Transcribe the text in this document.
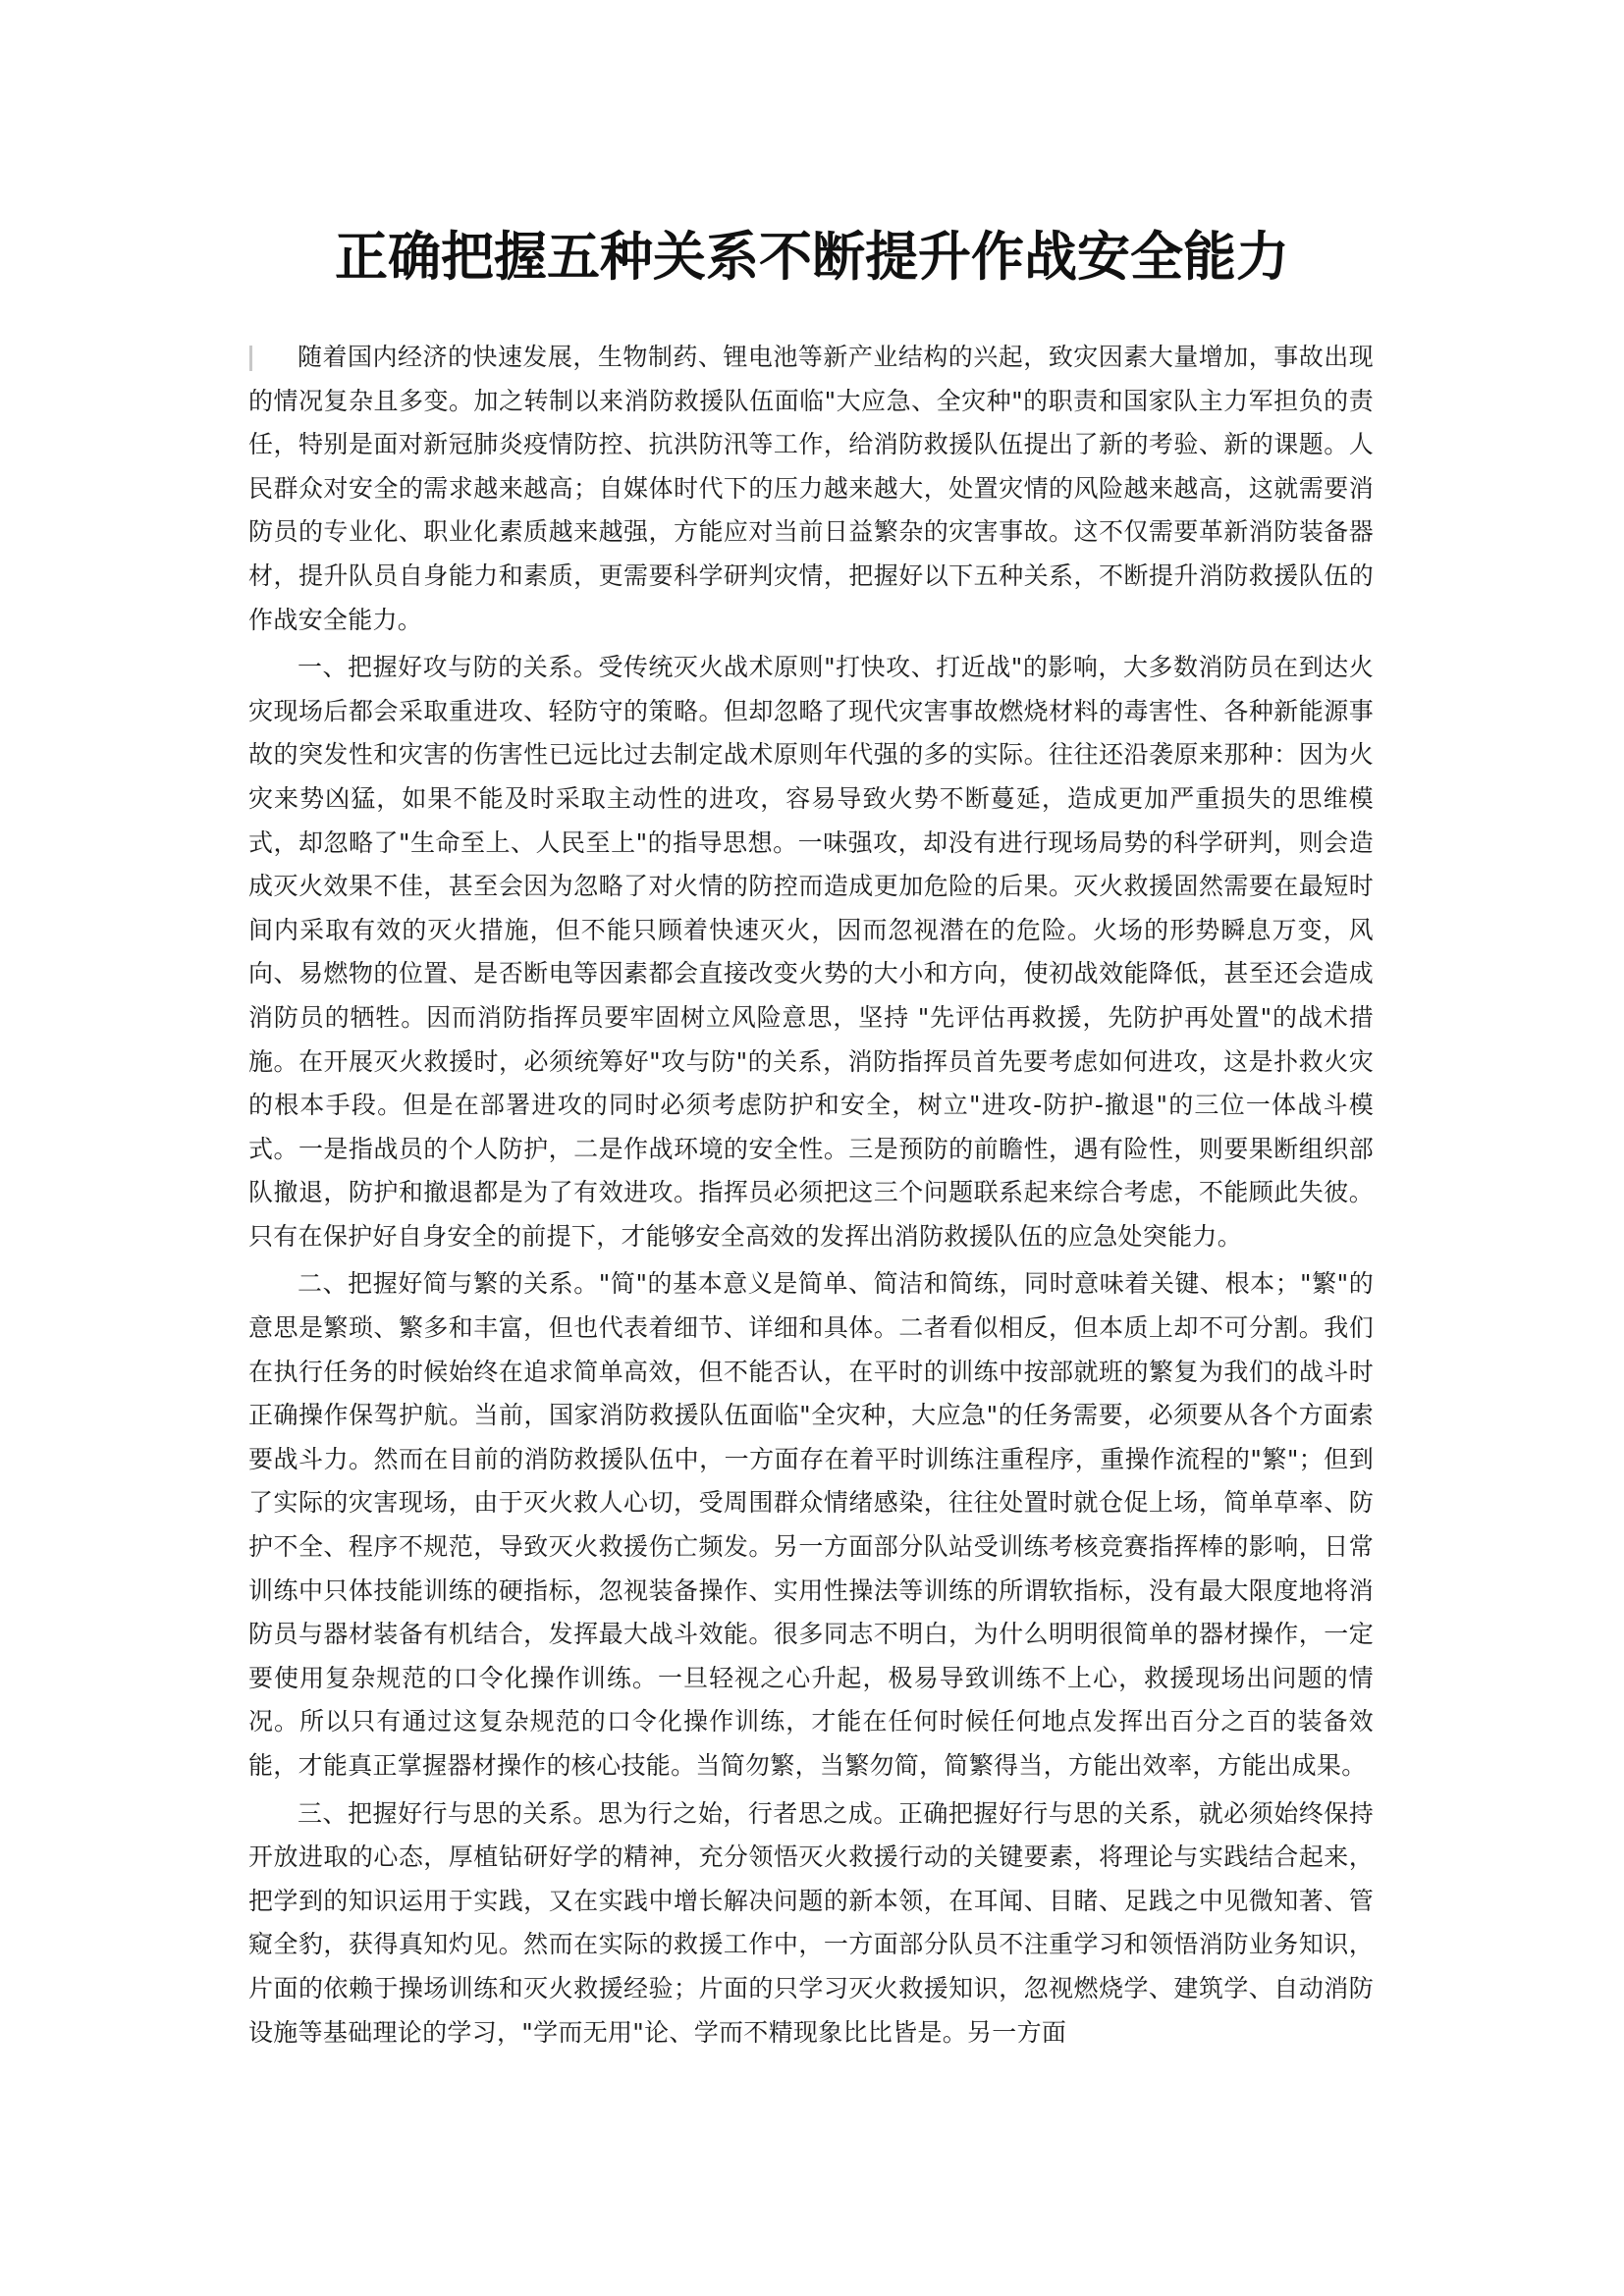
正确把握五种关系不断提升作战安全能力

随着国内经济的快速发展，生物制药、锂电池等新产业结构的兴起，致灾因素大量增加，事故出现的情况复杂且多变。加之转制以来消防救援队伍面临"大应急、全灾种"的职责和国家队主力军担负的责任，特别是面对新冠肺炎疫情防控、抗洪防汛等工作，给消防救援队伍提出了新的考验、新的课题。人民群众对安全的需求越来越高；自媒体时代下的压力越来越大，处置灾情的风险越来越高，这就需要消防员的专业化、职业化素质越来越强，方能应对当前日益繁杂的灾害事故。这不仅需要革新消防装备器材，提升队员自身能力和素质，更需要科学研判灾情，把握好以下五种关系，不断提升消防救援队伍的作战安全能力。

一、把握好攻与防的关系。受传统灭火战术原则"打快攻、打近战"的影响，大多数消防员在到达火灾现场后都会采取重进攻、轻防守的策略。但却忽略了现代灾害事故燃烧材料的毒害性、各种新能源事故的突发性和灾害的伤害性已远比过去制定战术原则年代强的多的实际。往往还沿袭原来那种：因为火灾来势凶猛，如果不能及时采取主动性的进攻，容易导致火势不断蔓延，造成更加严重损失的思维模式，却忽略了"生命至上、人民至上"的指导思想。一味强攻，却没有进行现场局势的科学研判，则会造成灭火效果不佳，甚至会因为忽略了对火情的防控而造成更加危险的后果。灭火救援固然需要在最短时间内采取有效的灭火措施，但不能只顾着快速灭火，因而忽视潜在的危险。火场的形势瞬息万变，风向、易燃物的位置、是否断电等因素都会直接改变火势的大小和方向，使初战效能降低，甚至还会造成消防员的牺牲。因而消防指挥员要牢固树立风险意思，坚持 "先评估再救援，先防护再处置"的战术措施。在开展灭火救援时，必须统筹好"攻与防"的关系，消防指挥员首先要考虑如何进攻，这是扑救火灾的根本手段。但是在部署进攻的同时必须考虑防护和安全，树立"进攻-防护-撤退"的三位一体战斗模式。一是指战员的个人防护，二是作战环境的安全性。三是预防的前瞻性，遇有险性，则要果断组织部队撤退，防护和撤退都是为了有效进攻。指挥员必须把这三个问题联系起来综合考虑，不能顾此失彼。只有在保护好自身安全的前提下，才能够安全高效的发挥出消防救援队伍的应急处突能力。

二、把握好简与繁的关系。"简"的基本意义是简单、简洁和简练，同时意味着关键、根本；"繁"的意思是繁琐、繁多和丰富，但也代表着细节、详细和具体。二者看似相反，但本质上却不可分割。我们在执行任务的时候始终在追求简单高效，但不能否认，在平时的训练中按部就班的繁复为我们的战斗时正确操作保驾护航。当前，国家消防救援队伍面临"全灾种，大应急"的任务需要，必须要从各个方面索要战斗力。然而在目前的消防救援队伍中，一方面存在着平时训练注重程序，重操作流程的"繁"；但到了实际的灾害现场，由于灭火救人心切，受周围群众情绪感染，往往处置时就仓促上场，简单草率、防护不全、程序不规范，导致灭火救援伤亡频发。另一方面部分队站受训练考核竞赛指挥棒的影响，日常训练中只体技能训练的硬指标，忽视装备操作、实用性操法等训练的所谓软指标，没有最大限度地将消防员与器材装备有机结合，发挥最大战斗效能。很多同志不明白，为什么明明很简单的器材操作，一定要使用复杂规范的口令化操作训练。一旦轻视之心升起，极易导致训练不上心，救援现场出问题的情况。所以只有通过这复杂规范的口令化操作训练，才能在任何时候任何地点发挥出百分之百的装备效能，才能真正掌握器材操作的核心技能。当简勿繁，当繁勿简，简繁得当，方能出效率，方能出成果。

三、把握好行与思的关系。思为行之始，行者思之成。正确把握好行与思的关系，就必须始终保持开放进取的心态，厚植钻研好学的精神，充分领悟灭火救援行动的关键要素，将理论与实践结合起来，把学到的知识运用于实践，又在实践中增长解决问题的新本领，在耳闻、目睹、足践之中见微知著、管窥全豹，获得真知灼见。然而在实际的救援工作中，一方面部分队员不注重学习和领悟消防业务知识，片面的依赖于操场训练和灭火救援经验；片面的只学习灭火救援知识，忽视燃烧学、建筑学、自动消防设施等基础理论的学习，"学而无用"论、学而不精现象比比皆是。另一方面
